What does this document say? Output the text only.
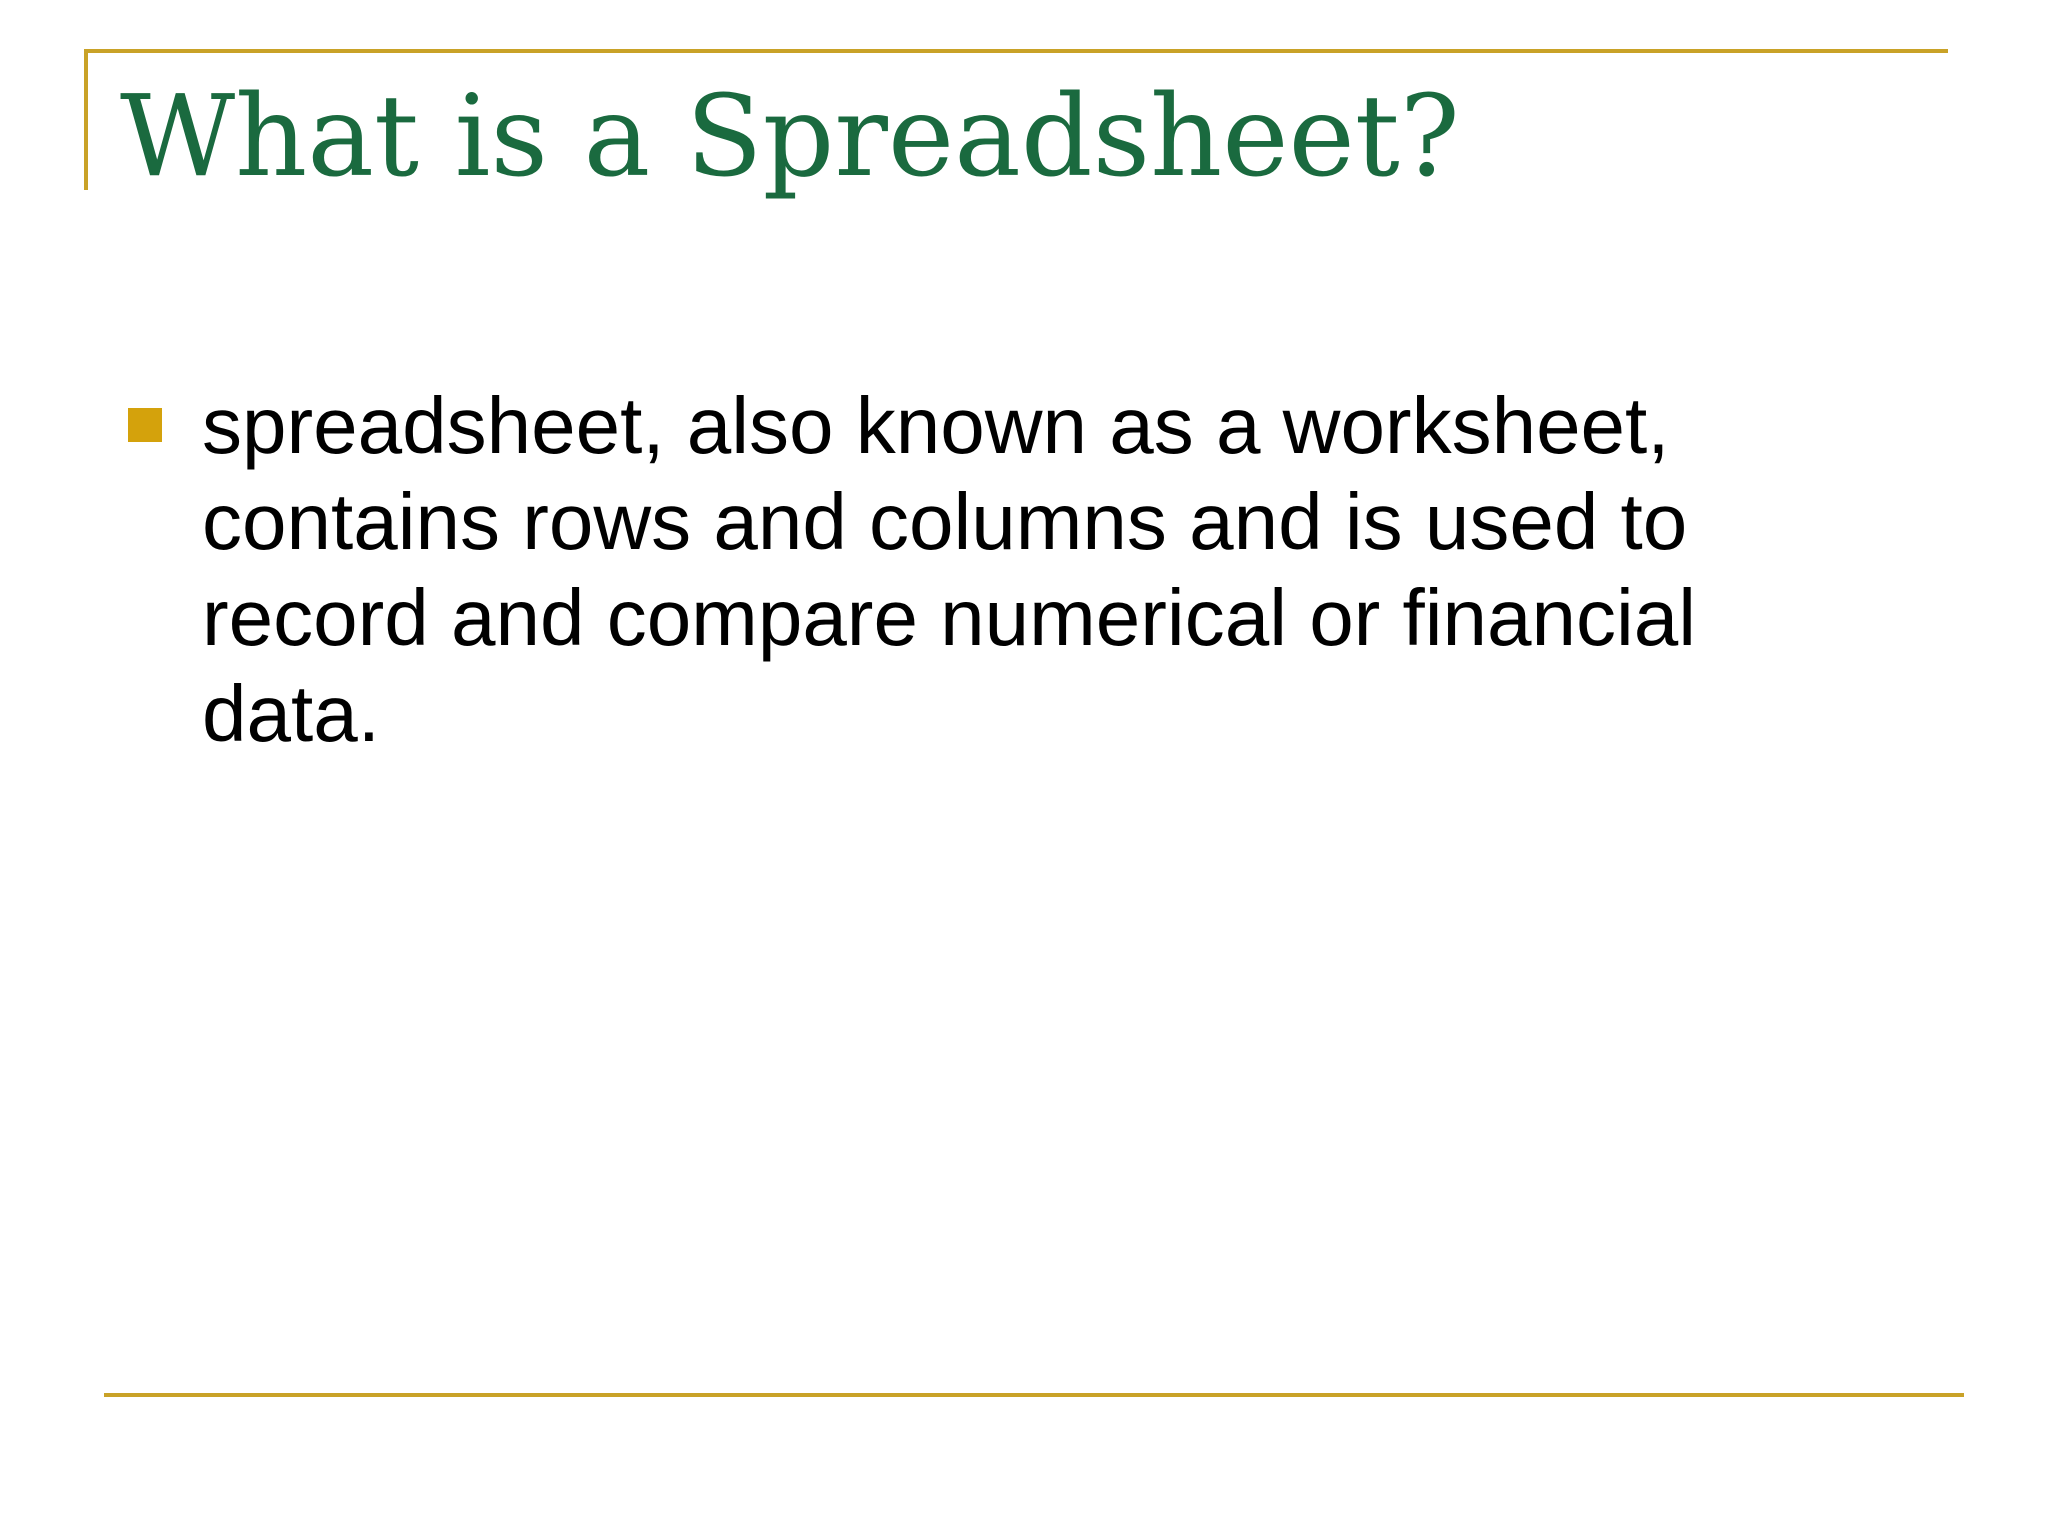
What is a Spreadsheet?
spreadsheet, also known as a worksheet, contains rows and columns and is used to record and compare numerical or financial data.
